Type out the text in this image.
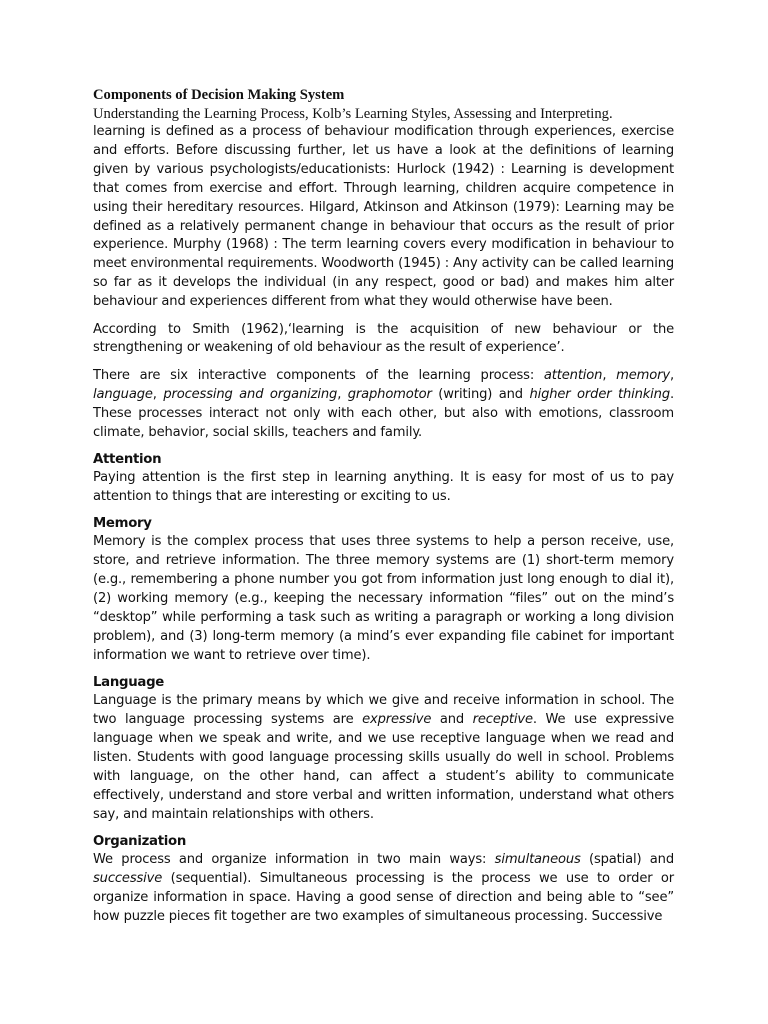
Components of Decision Making System
Understanding the Learning Process, Kolb’s Learning Styles, Assessing and Interpreting.

learning is defined as a process of behaviour modification through experiences, exercise and efforts. Before discussing further, let us have a look at the definitions of learning given by various psychologists/educationists: Hurlock (1942) : Learning is development that comes from exercise and effort. Through learning, children acquire competence in using their hereditary resources. Hilgard, Atkinson and Atkinson (1979): Learning may be defined as a relatively permanent change in behaviour that occurs as the result of prior experience. Murphy (1968) : The term learning covers every modification in behaviour to meet environmental requirements. Woodworth (1945) : Any activity can be called learning so far as it develops the individual (in any respect, good or bad) and makes him alter behaviour and experiences different from what they would otherwise have been.

According to Smith (1962),‘learning is the acquisition of new behaviour or the strengthening or weakening of old behaviour as the result of experience’.

There are six interactive components of the learning process: attention, memory, language, processing and organizing, graphomotor (writing) and higher order thinking. These processes interact not only with each other, but also with emotions, classroom climate, behavior, social skills, teachers and family.

Attention

Paying attention is the first step in learning anything. It is easy for most of us to pay attention to things that are interesting or exciting to us.

Memory

Memory is the complex process that uses three systems to help a person receive, use, store, and retrieve information. The three memory systems are (1) short-term memory (e.g., remembering a phone number you got from information just long enough to dial it), (2) working memory (e.g., keeping the necessary information “files” out on the mind’s “desktop” while performing a task such as writing a paragraph or working a long division problem), and (3) long-term memory (a mind’s ever expanding file cabinet for important information we want to retrieve over time).

Language

Language is the primary means by which we give and receive information in school. The two language processing systems are expressive and receptive. We use expressive language when we speak and write, and we use receptive language when we read and listen. Students with good language processing skills usually do well in school. Problems with language, on the other hand, can affect a student’s ability to communicate effectively, understand and store verbal and written information, understand what others say, and maintain relationships with others.

Organization

We process and organize information in two main ways: simultaneous (spatial) and successive (sequential). Simultaneous processing is the process we use to order or organize information in space. Having a good sense of direction and being able to “see” how puzzle pieces fit together are two examples of simultaneous processing. Successive
